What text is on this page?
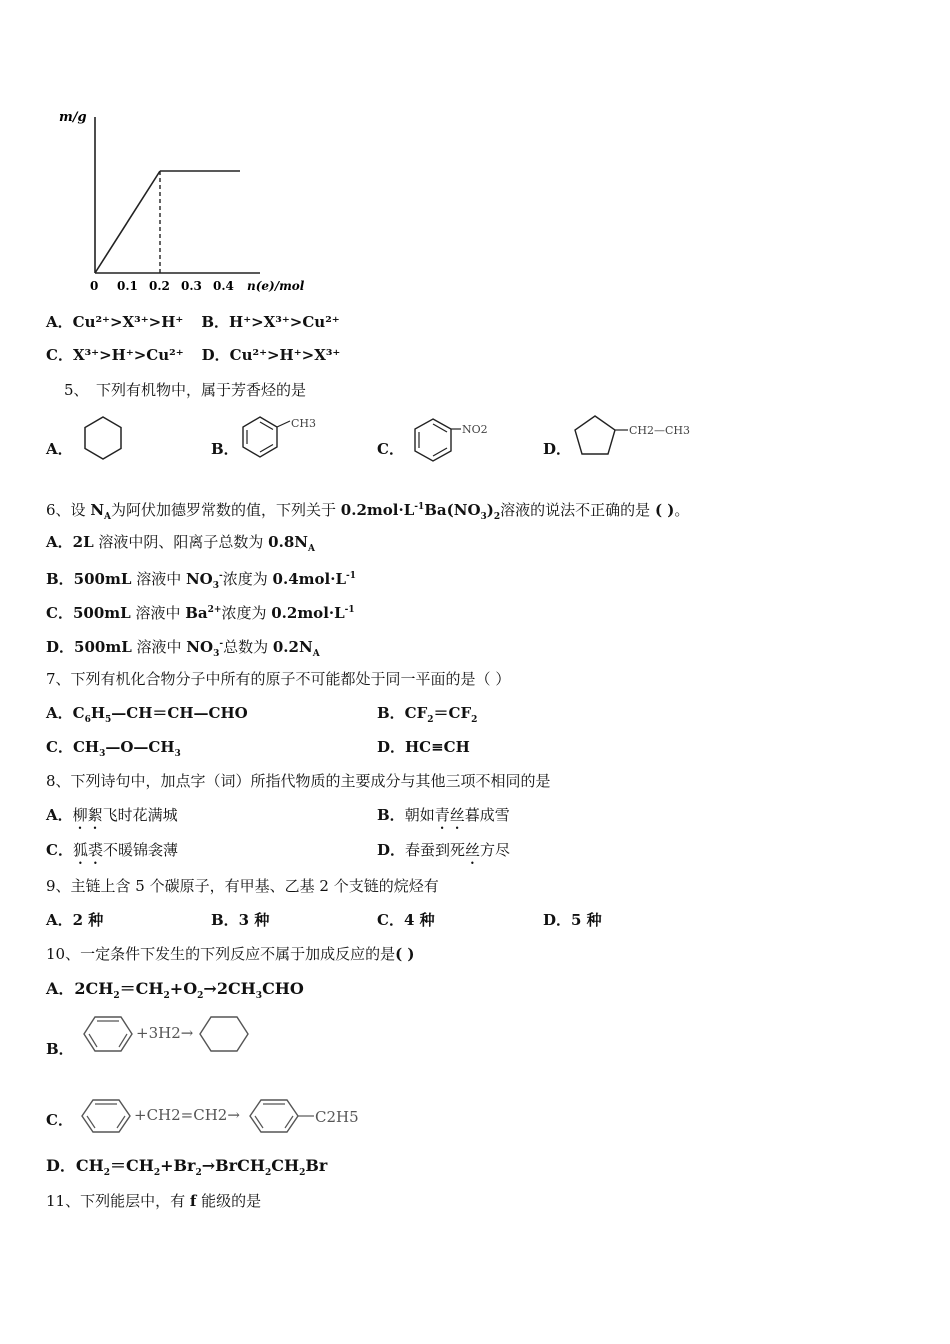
m/g
0 0.1 0.2 0.3 0.4 n(e)/mol
A．Cu²⁺>X³⁺>H⁺ B．H⁺>X³⁺>Cu²⁺
C．X³⁺>H⁺>Cu²⁺ D．Cu²⁺>H⁺>X³⁺
5、　下列有机物中，属于芳香烃的是
A．	B．
CH3
C．
NO2
D．
CH2—CH3
6、设 $N_A$为阿伏加德罗常数的值，下列关于 $0.2mol\cdot L^{-1}Ba(NO_3)_2$溶液的说法不正确的是 ( )。
A．2L 溶液中阴、阳离子总数为 $0.8N_A$
B．500mL 溶液中 $NO_3^-$浓度为 $0.4mol\cdot L^{-1}$
C．500mL 溶液中 $Ba^{2+}$浓度为 $0.2mol\cdot L^{-1}$
D．500mL 溶液中 $NO_3^-$总数为 $0.2N_A$
7、下列有机化合物分子中所有的原子不可能都处于同一平面的是（ ）
A．$C_6H_5—CH=CH—CHO$	B．$CF_2=CF_2$
C．$CH_3—O—CH_3$	D．HC≡CH
8、下列诗句中，加点字（词）所指代物质的主要成分与其他三项不相同的是
A．柳絮飞时花满城	B．朝如青丝暮成雪
C．狐裘不暖锦衾薄	D．春蚕到死丝方尽
9、主链上含 5 个碳原子，有甲基、乙基 2 个支链的烷烃有
A．2 种	B．3 种	C．4 种	D．5 种
10、一定条件下发生的下列反应不属于加成反应的是( )
A．$2CH_2=CH_2+O_2\to 2CH_3CHO$
B．
+3H2→
C．	+CH2=CH2→	C2H5
D．$CH_2=CH_2+Br_2\to BrCH_2CH_2Br$
11、下列能层中，有 f 能级的是
